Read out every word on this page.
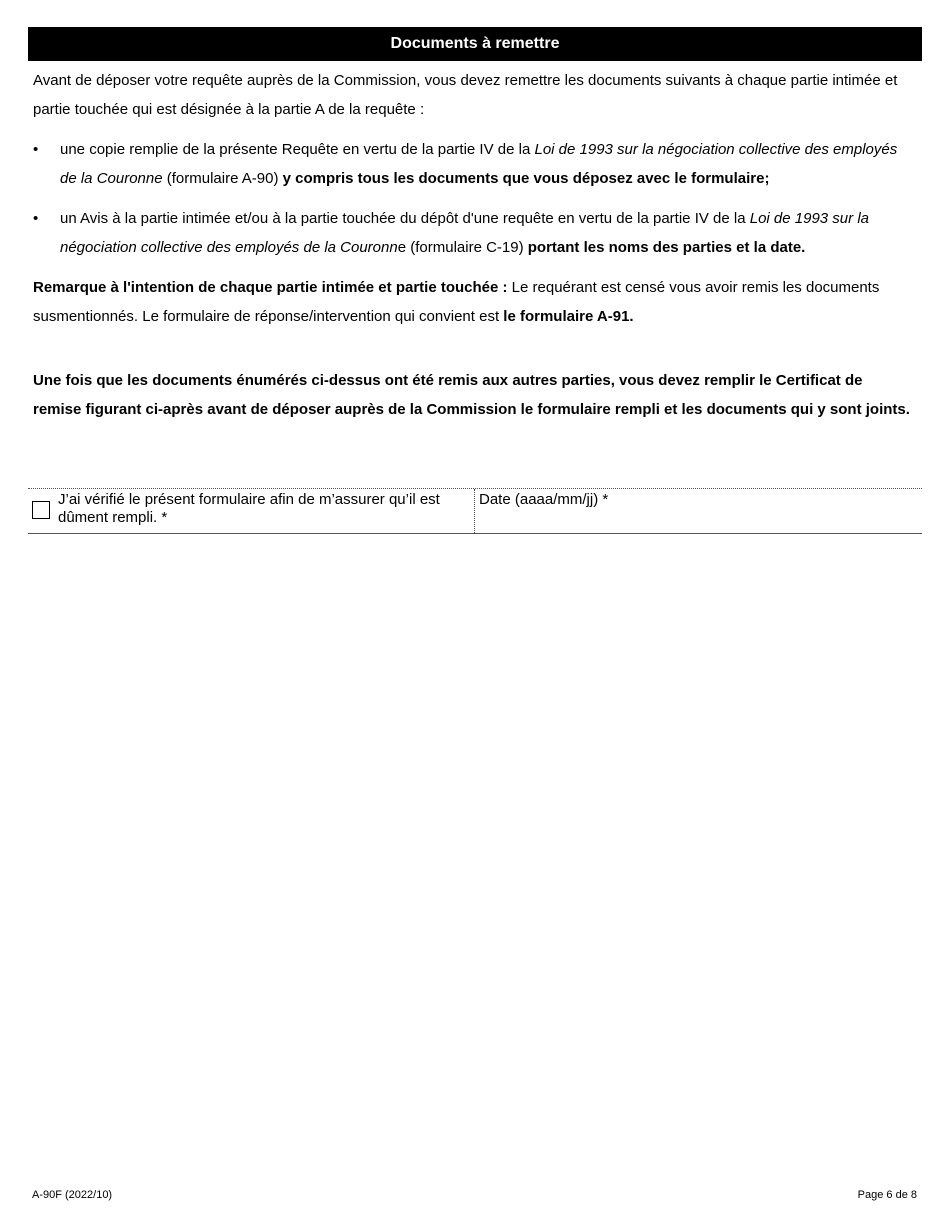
Documents à remettre

Avant de déposer votre requête auprès de la Commission, vous devez remettre les documents suivants à chaque partie intimée et partie touchée qui est désignée à la partie A de la requête :

• une copie remplie de la présente Requête en vertu de la partie IV de la Loi de 1993 sur la négociation collective des employés de la Couronne (formulaire A-90) y compris tous les documents que vous déposez avec le formulaire;

• un Avis à la partie intimée et/ou à la partie touchée du dépôt d'une requête en vertu de la partie IV de la Loi de 1993 sur la négociation collective des employés de la Couronne (formulaire C-19) portant les noms des parties et la date.

Remarque à l'intention de chaque partie intimée et partie touchée : Le requérant est censé vous avoir remis les documents susmentionnés. Le formulaire de réponse/intervention qui convient est le formulaire A-91.

Une fois que les documents énumérés ci-dessus ont été remis aux autres parties, vous devez remplir le Certificat de remise figurant ci-après avant de déposer auprès de la Commission le formulaire rempli et les documents qui y sont joints.

J’ai vérifié le présent formulaire afin de m’assurer qu’il est dûment rempli. *
Date (aaaa/mm/jj) *
A-90F (2022/10)	Page 6 de 8
